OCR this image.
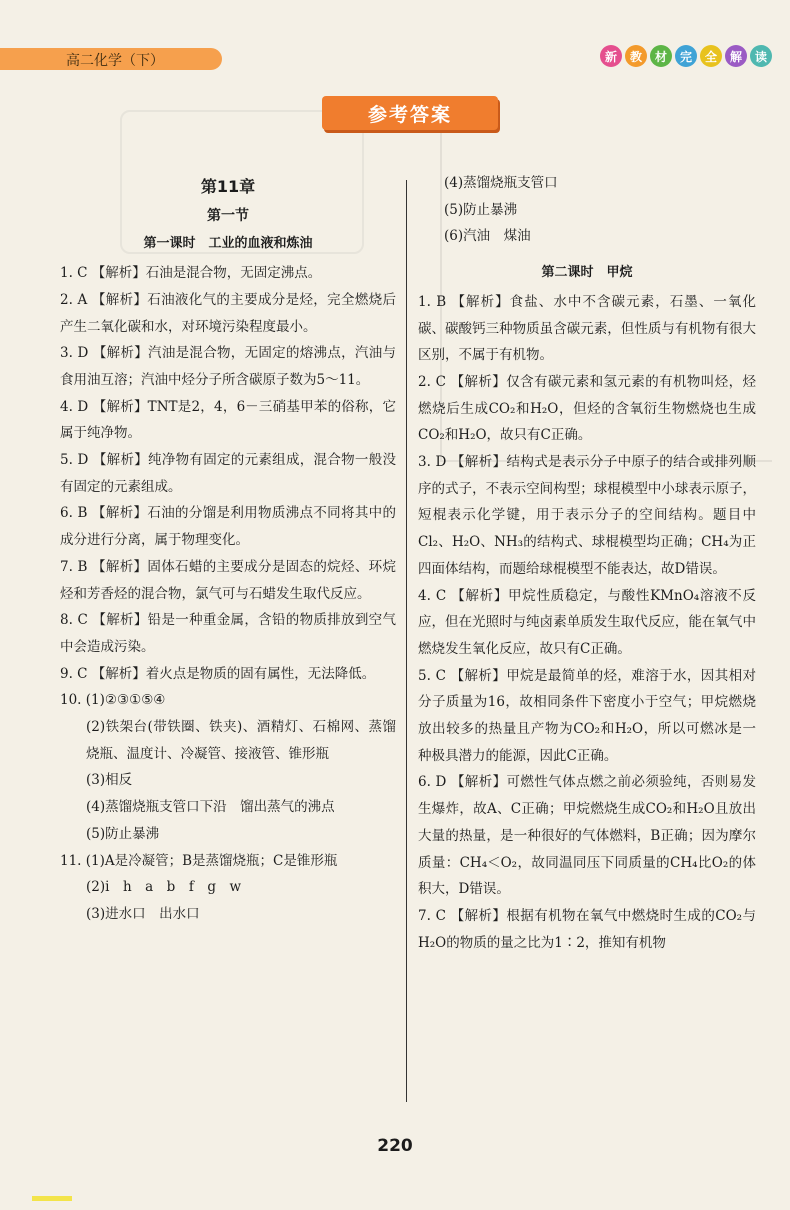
高二化学（下）	新	教	材	完	全	解	读
参考答案
第11章
第一节
第一课时　工业的血液和炼油

1. C 【解析】石油是混合物，无固定沸点。

2. A 【解析】石油液化气的主要成分是烃，完全燃烧后产生二氧化碳和水，对环境污染程度最小。

3. D 【解析】汽油是混合物，无固定的熔沸点，汽油与食用油互溶；汽油中烃分子所含碳原子数为5～11。

4. D 【解析】TNT是2，4，6－三硝基甲苯的俗称，它属于纯净物。

5. D 【解析】纯净物有固定的元素组成，混合物一般没有固定的元素组成。

6. B 【解析】石油的分馏是利用物质沸点不同将其中的成分进行分离，属于物理变化。

7. B 【解析】固体石蜡的主要成分是固态的烷烃、环烷烃和芳香烃的混合物，氯气可与石蜡发生取代反应。

8. C 【解析】铅是一种重金属，含铅的物质排放到空气中会造成污染。

9. C 【解析】着火点是物质的固有属性，无法降低。

10. (1)②③①⑤④

(2)铁架台(带铁圈、铁夹)、酒精灯、石棉网、蒸馏烧瓶、温度计、冷凝管、接液管、锥形瓶

(3)相反

(4)蒸馏烧瓶支管口下沿　馏出蒸气的沸点

(5)防止暴沸

11. (1)A是冷凝管；B是蒸馏烧瓶；C是锥形瓶

(2)i　h　a　b　f　g　w

(3)进水口　出水口

(4)蒸馏烧瓶支管口

(5)防止暴沸

(6)汽油　煤油

第二课时　甲烷

1. B 【解析】食盐、水中不含碳元素，石墨、一氧化碳、碳酸钙三种物质虽含碳元素，但性质与有机物有很大区别，不属于有机物。

2. C 【解析】仅含有碳元素和氢元素的有机物叫烃，烃燃烧后生成CO₂和H₂O，但烃的含氧衍生物燃烧也生成CO₂和H₂O，故只有C正确。

3. D 【解析】结构式是表示分子中原子的结合或排列顺序的式子，不表示空间构型；球棍模型中小球表示原子，短棍表示化学键，用于表示分子的空间结构。题目中Cl₂、H₂O、NH₃的结构式、球棍模型均正确；CH₄为正四面体结构，而题给球棍模型不能表达，故D错误。

4. C 【解析】甲烷性质稳定，与酸性KMnO₄溶液不反应，但在光照时与纯卤素单质发生取代反应，能在氧气中燃烧发生氧化反应，故只有C正确。

5. C 【解析】甲烷是最简单的烃，难溶于水，因其相对分子质量为16，故相同条件下密度小于空气；甲烷燃烧放出较多的热量且产物为CO₂和H₂O，所以可燃冰是一种极具潜力的能源，因此C正确。

6. D 【解析】可燃性气体点燃之前必须验纯，否则易发生爆炸，故A、C正确；甲烷燃烧生成CO₂和H₂O且放出大量的热量，是一种很好的气体燃料，B正确；因为摩尔质量：CH₄＜O₂，故同温同压下同质量的CH₄比O₂的体积大，D错误。

7. C 【解析】根据有机物在氧气中燃烧时生成的CO₂与H₂O的物质的量之比为1∶2，推知有机物

220
